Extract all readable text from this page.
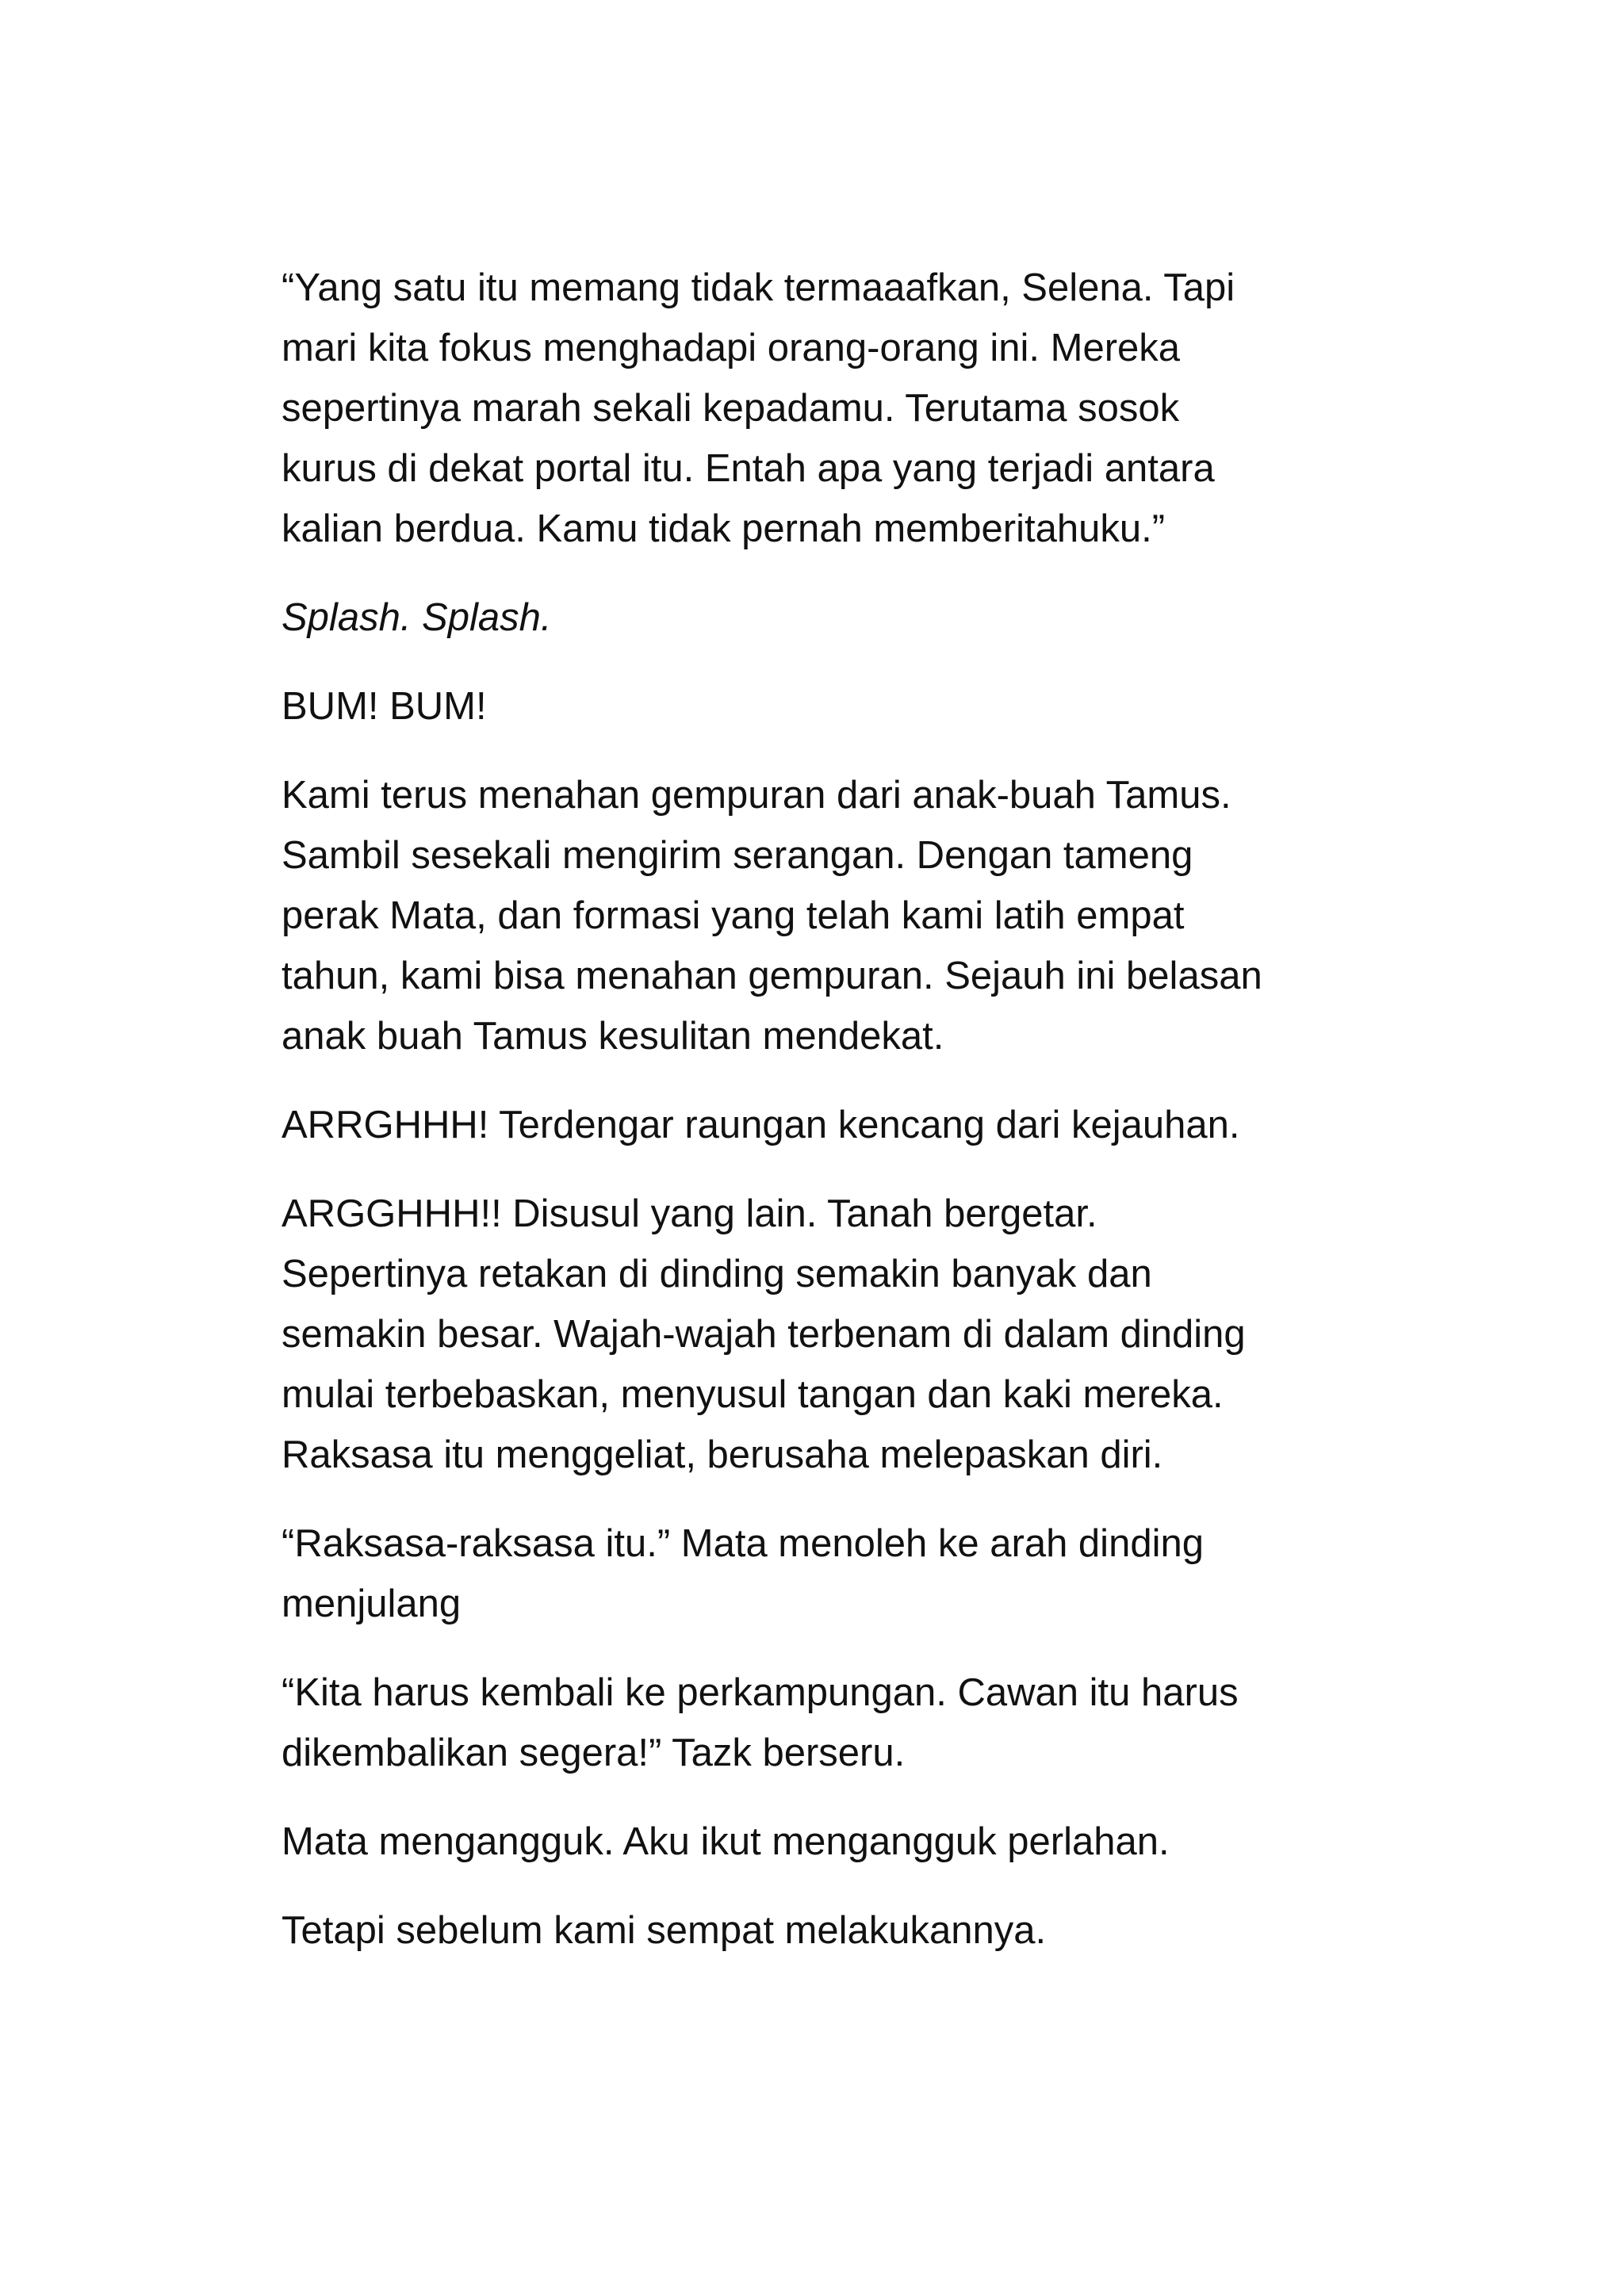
“Yang satu itu memang tidak termaaafkan, Selena. Tapi
mari kita fokus menghadapi orang-orang ini. Mereka
sepertinya marah sekali kepadamu. Terutama sosok
kurus di dekat portal itu. Entah apa yang terjadi antara
kalian berdua. Kamu tidak pernah memberitahuku.”

Splash. Splash.

BUM! BUM!

Kami terus menahan gempuran dari anak-buah Tamus.
Sambil sesekali mengirim serangan. Dengan tameng
perak Mata, dan formasi yang telah kami latih empat
tahun, kami bisa menahan gempuran. Sejauh ini belasan
anak buah Tamus kesulitan mendekat.

ARRGHHH! Terdengar raungan kencang dari kejauhan.

ARGGHHH!! Disusul yang lain. Tanah bergetar.
Sepertinya retakan di dinding semakin banyak dan
semakin besar. Wajah-wajah terbenam di dalam dinding
mulai terbebaskan, menyusul tangan dan kaki mereka.
Raksasa itu menggeliat, berusaha melepaskan diri.

“Raksasa-raksasa itu.” Mata menoleh ke arah dinding
menjulang

“Kita harus kembali ke perkampungan. Cawan itu harus
dikembalikan segera!” Tazk berseru.

Mata mengangguk. Aku ikut mengangguk perlahan.

Tetapi sebelum kami sempat melakukannya.
